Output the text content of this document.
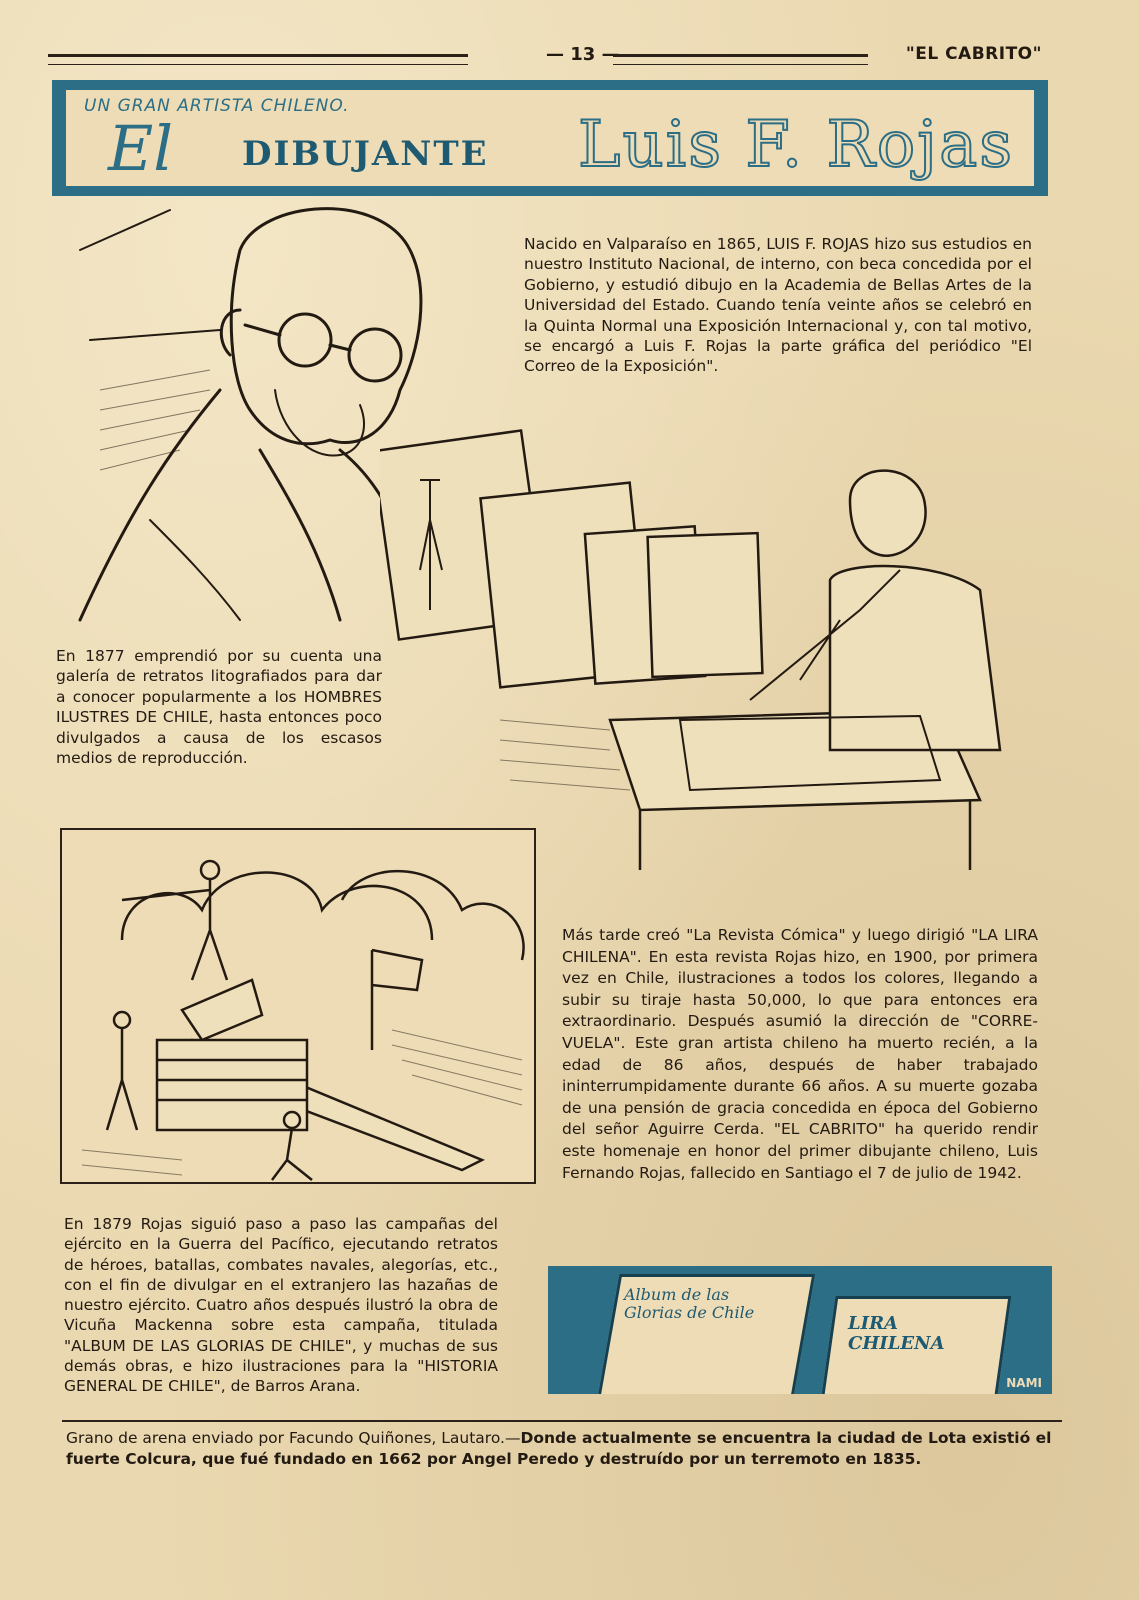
— 13 —	"EL CABRITO"
UN GRAN ARTISTA CHILENO.
El DIBUJANTE Luis F. Rojas
Nacido en Valparaíso en 1865, LUIS F. ROJAS hizo sus estudios en nuestro Instituto Nacional, de interno, con beca concedida por el Gobierno, y estudió dibujo en la Academia de Bellas Artes de la Universidad del Estado. Cuando tenía veinte años se celebró en la Quinta Normal una Exposición Internacional y, con tal motivo, se encargó a Luis F. Rojas la parte gráfica del periódico "El Correo de la Exposición".
En 1877 emprendió por su cuenta una galería de retratos litografiados para dar a conocer popularmente a los HOMBRES ILUSTRES DE CHILE, hasta entonces poco divulgados a causa de los escasos medios de reproducción.
Más tarde creó "La Revista Cómica" y luego dirigió "LA LIRA CHILENA". En esta revista Rojas hizo, en 1900, por primera vez en Chile, ilustraciones a todos los colores, llegando a subir su tiraje hasta 50,000, lo que para entonces era extraordinario. Después asumió la dirección de "CORRE-VUELA". Este gran artista chileno ha muerto recién, a la edad de 86 años, después de haber trabajado ininterrumpidamente durante 66 años. A su muerte gozaba de una pensión de gracia concedida en época del Gobierno del señor Aguirre Cerda. "EL CABRITO" ha querido rendir este homenaje en honor del primer dibujante chileno, Luis Fernando Rojas, fallecido en Santiago el 7 de julio de 1942.
En 1879 Rojas siguió paso a paso las campañas del ejército en la Guerra del Pacífico, ejecutando retratos de héroes, batallas, combates navales, alegorías, etc., con el fin de divulgar en el extranjero las hazañas de nuestro ejército. Cuatro años después ilustró la obra de Vicuña Mackenna sobre esta campaña, titulada "ALBUM DE LAS GLORIAS DE CHILE", y muchas de sus demás obras, e hizo ilustraciones para la "HISTORIA GENERAL DE CHILE", de Barros Arana.
Album de las Glorias de Chile
LIRA CHILENA
NAMI
Grano de arena enviado por Facundo Quiñones, Lautaro.—Donde actualmente se encuentra la ciudad de Lota existió el fuerte Colcura, que fué fundado en 1662 por Angel Peredo y destruído por un terremoto en 1835.
